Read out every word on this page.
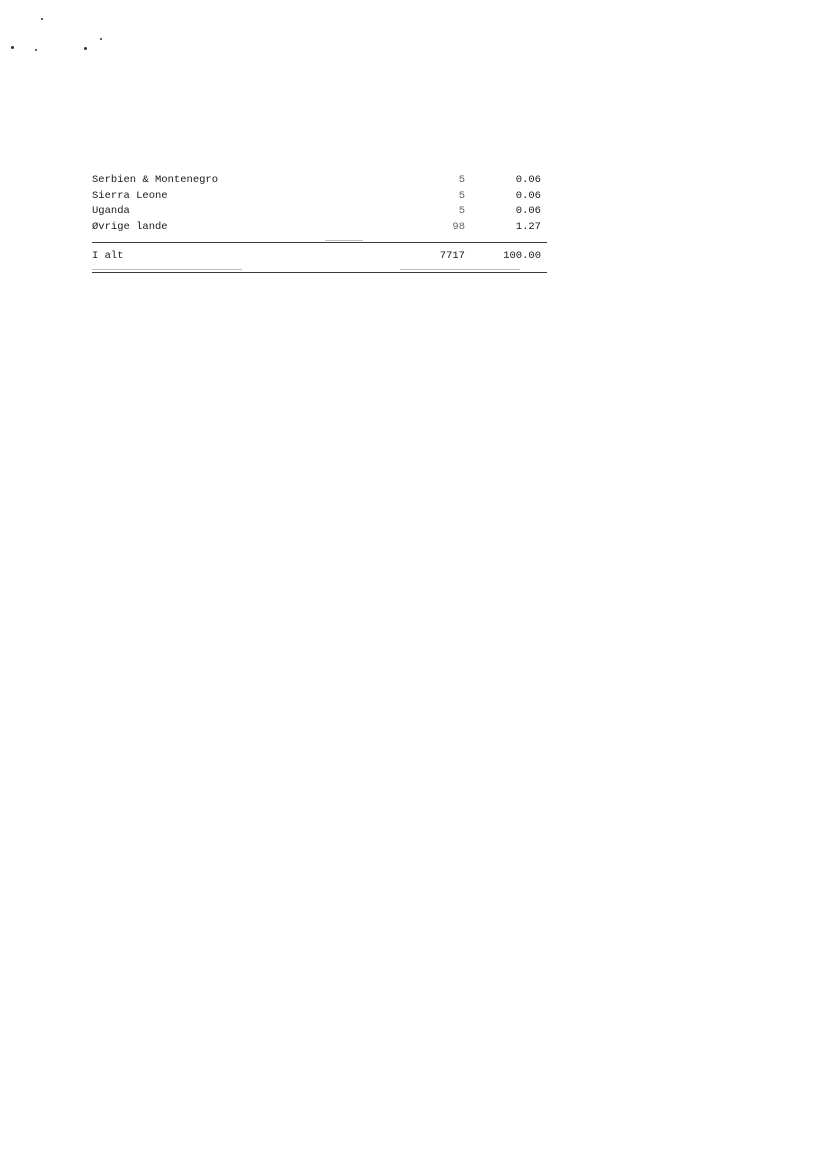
Serbien & Montenegro	5	0.06
Sierra Leone	5	0.06
Uganda	5	0.06
Øvrige lande	98	1.27
I alt	7717	100.00
